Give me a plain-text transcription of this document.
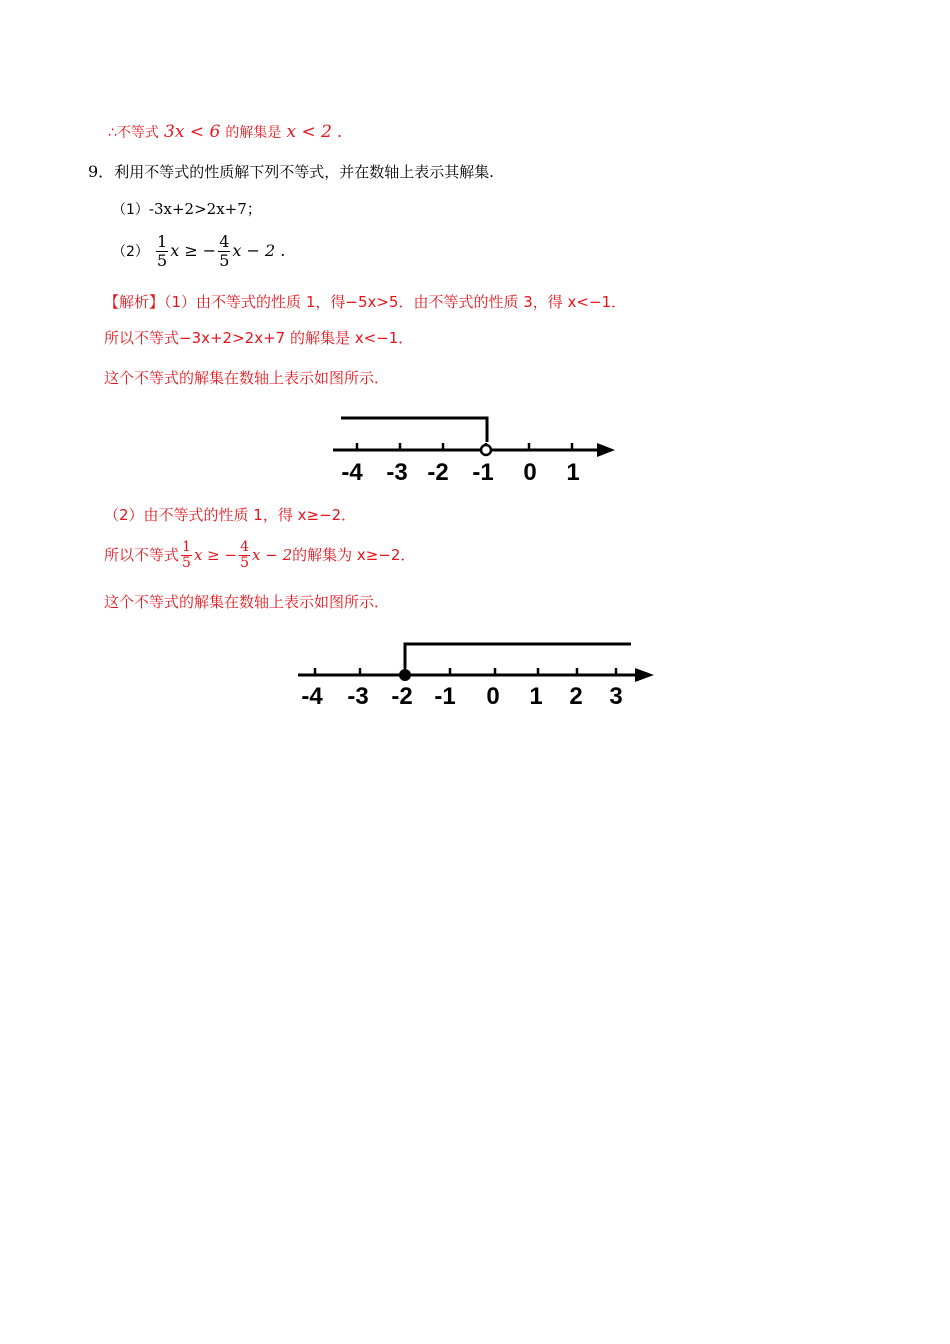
∴不等式 3x < 6 的解集是 x < 2 .
9．利用不等式的性质解下列不等式，并在数轴上表示其解集.
（1）-3x+2>2x+7；
$(2) \frac{1}{5}$ x ≥ − $\frac{4}{5}$ x − 2 .
【解析】（1）由不等式的性质 1，得−5x>5．由不等式的性质 3，得 x<−1．
所以不等式−3x+2>2x+7 的解集是 x<−1．
这个不等式的解集在数轴上表示如图所示．
-4 -3 -2 -1 0 1
（2）由不等式的性质 1，得 x≥−2．
所以不等式 $\frac{1}{5}$ x ≥ − $\frac{4}{5}$ x − 2的解集为 x≥−2．
这个不等式的解集在数轴上表示如图所示．
-4 -3 -2 -1 0 1 2 3
